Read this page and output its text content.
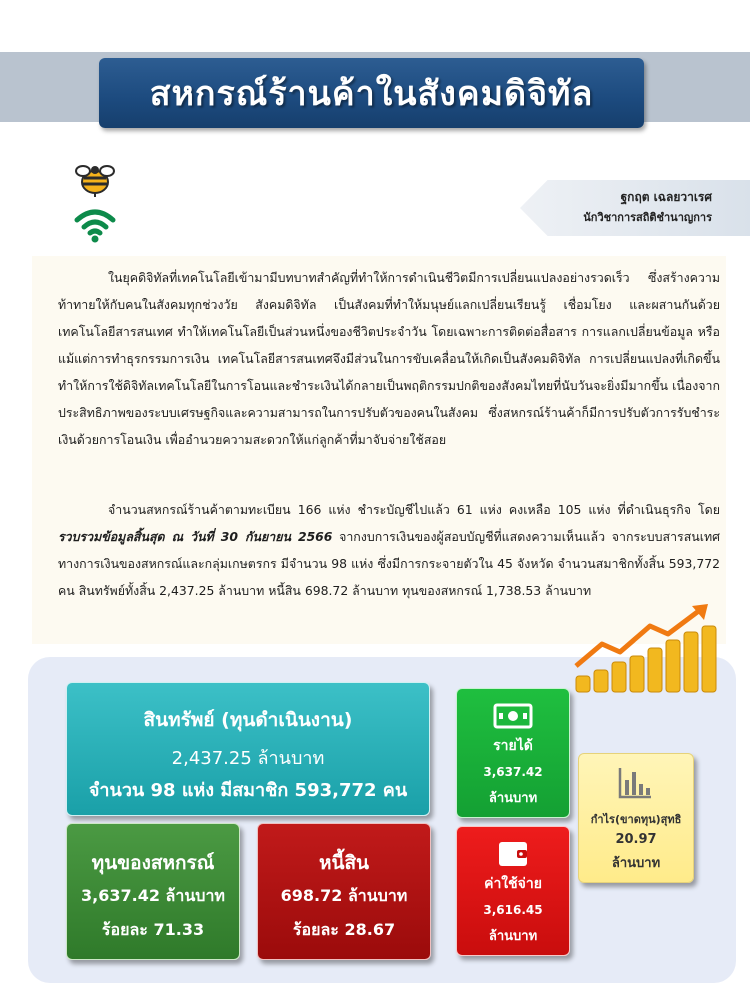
สหกรณ์ร้านค้าในสังคมดิจิทัล
ฐกฤต เฉลยวาเรศ
นักวิชาการสถิติชำนาญการ

ในยุคดิจิทัลที่เทคโนโลยีเข้ามามีบทบาทสำคัญที่ทำให้การดำเนินชีวิตมีการเปลี่ยนแปลงอย่างรวดเร็ว ซึ่งสร้างความท้าทายให้กับคนในสังคมทุกช่วงวัย สังคมดิจิทัล เป็นสังคมที่ทำให้มนุษย์แลกเปลี่ยนเรียนรู้ เชื่อมโยง และผสานกันด้วยเทคโนโลยีสารสนเทศ ทำให้เทคโนโลยีเป็นส่วนหนึ่งของชีวิตประจำวัน โดยเฉพาะการติดต่อสื่อสาร การแลกเปลี่ยนข้อมูล หรือแม้แต่การทำธุรกรรมการเงิน เทคโนโลยีสารสนเทศจึงมีส่วนในการขับเคลื่อนให้เกิดเป็นสังคมดิจิทัล การเปลี่ยนแปลงที่เกิดขึ้น ทำให้การใช้ดิจิทัลเทคโนโลยีในการโอนและชำระเงินได้กลายเป็นพฤติกรรมปกติของสังคมไทยที่นับวันจะยิ่งมีมากขึ้น เนื่องจากประสิทธิภาพของระบบเศรษฐกิจและความสามารถในการปรับตัวของคนในสังคม ซึ่งสหกรณ์ร้านค้าก็มีการปรับตัวการรับชำระเงินด้วยการโอนเงิน เพื่ออำนวยความสะดวกให้แก่ลูกค้าที่มาจับจ่ายใช้สอย

จำนวนสหกรณ์ร้านค้าตามทะเบียน 166 แห่ง ชำระบัญชีไปแล้ว 61 แห่ง คงเหลือ 105 แห่ง ที่ดำเนินธุรกิจ โดยรวบรวมข้อมูลสิ้นสุด ณ วันที่ 30 กันยายน 2566 จากงบการเงินของผู้สอบบัญชีที่แสดงความเห็นแล้ว จากระบบสารสนเทศทางการเงินของสหกรณ์และกลุ่มเกษตรกร มีจำนวน 98 แห่ง ซึ่งมีการกระจายตัวใน 45 จังหวัด จำนวนสมาชิกทั้งสิ้น 593,772 คน สินทรัพย์ทั้งสิ้น 2,437.25 ล้านบาท หนี้สิน 698.72 ล้านบาท ทุนของสหกรณ์ 1,738.53 ล้านบาท

สินทรัพย์ (ทุนดำเนินงาน)
2,437.25 ล้านบาท
จำนวน 98 แห่ง มีสมาชิก 593,772 คน
ทุนของสหกรณ์
3,637.42 ล้านบาท
ร้อยละ 71.33
หนี้สิน
698.72 ล้านบาท
ร้อยละ 28.67
รายได้
3,637.42
ล้านบาท
ค่าใช้จ่าย
3,616.45
ล้านบาท
กำไร(ขาดทุน)สุทธิ
20.97
ล้านบาท
